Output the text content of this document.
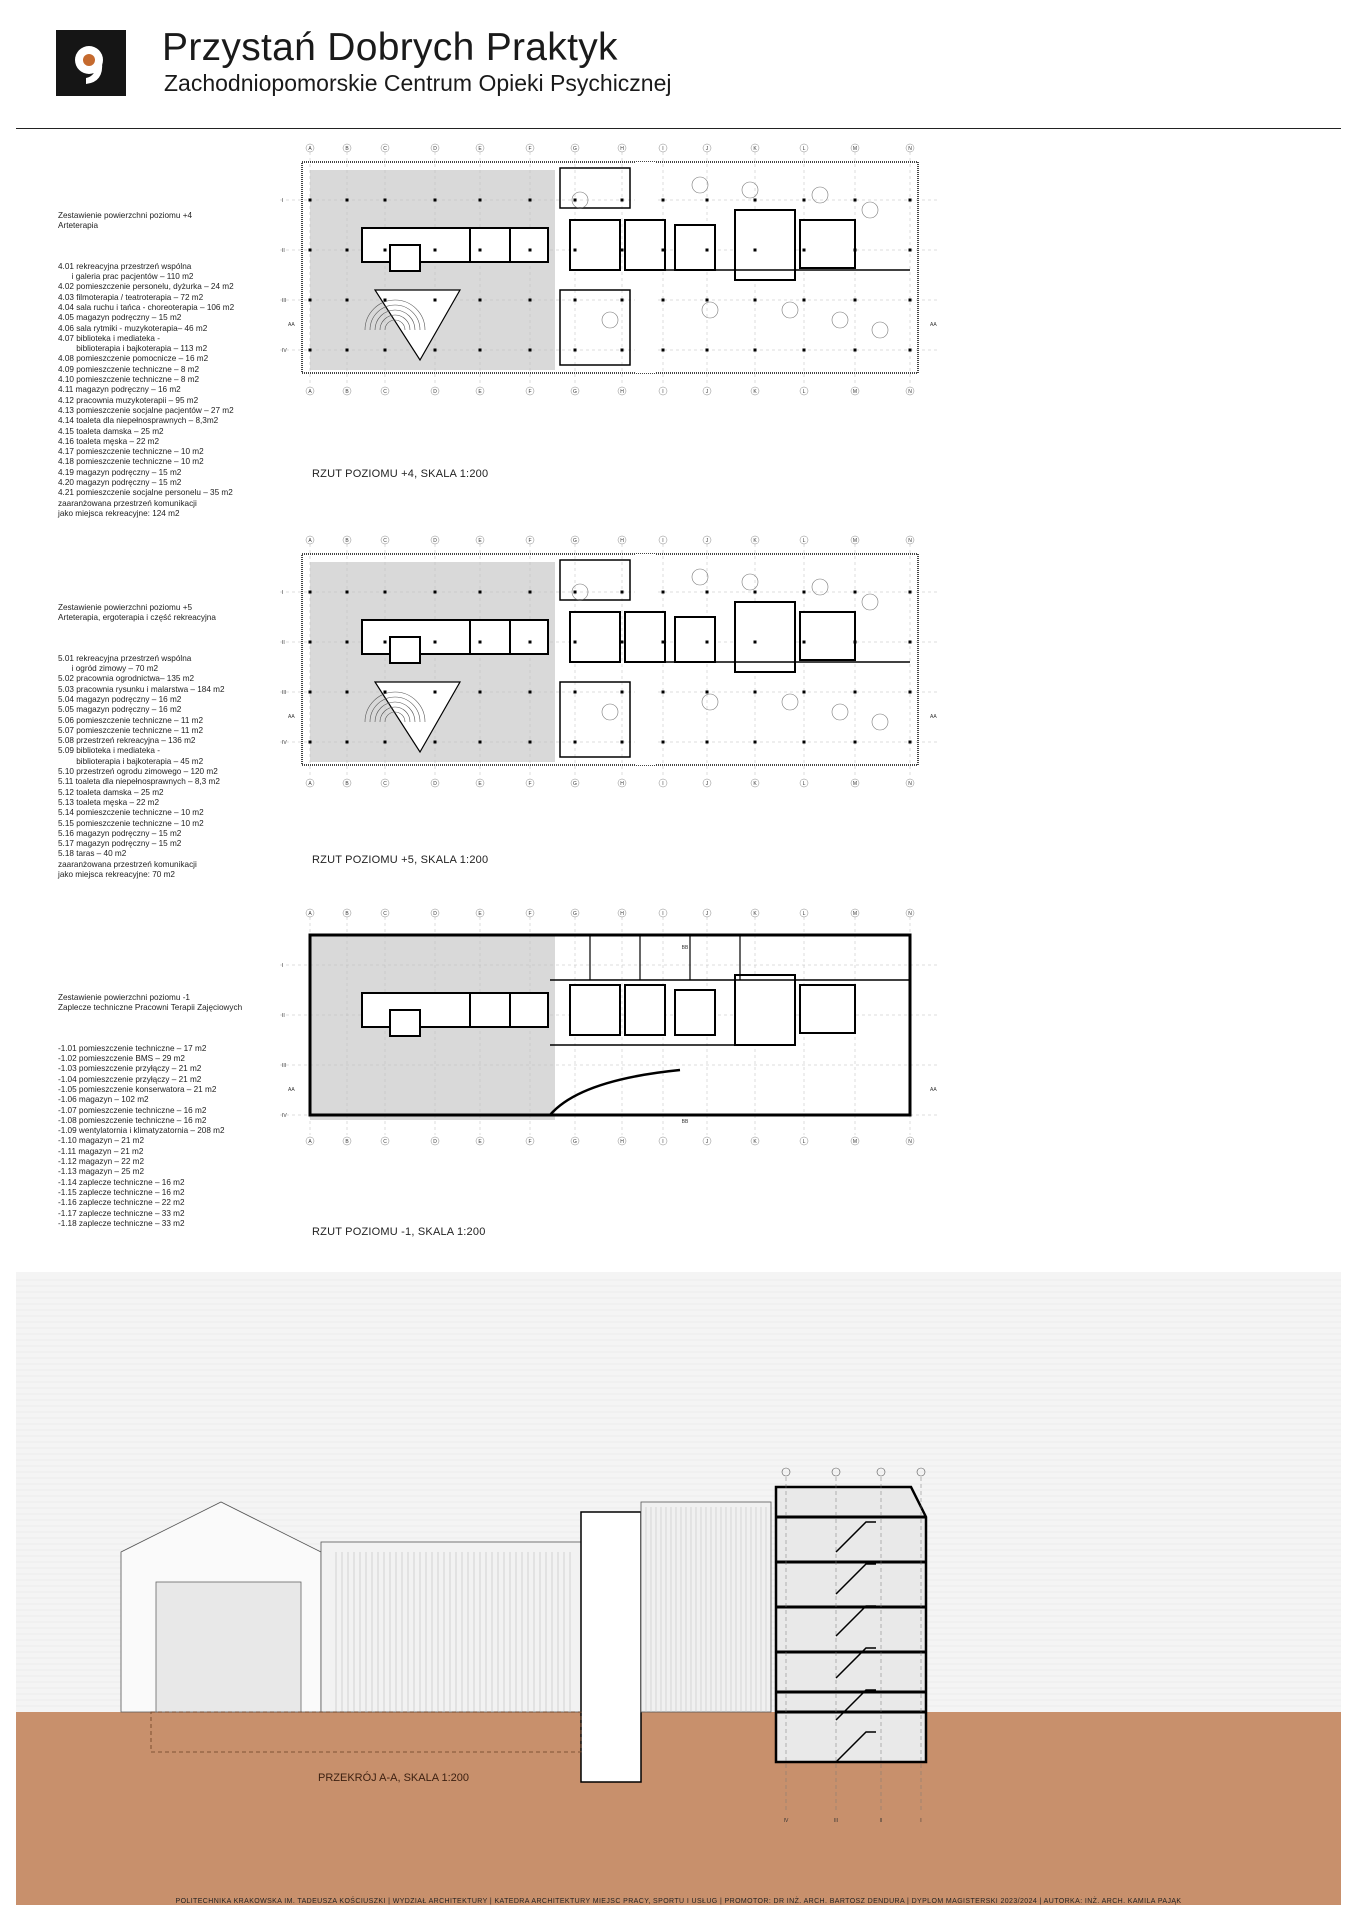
Przystań Dobrych Praktyk
Zachodniopomorskie Centrum Opieki Psychicznej

Zestawienie powierzchni poziomu +4
Arteterapia

4.01 rekreacyjna przestrzeń wspólna
i galeria prac pacjentów – 110 m2
4.02 pomieszczenie personelu, dyżurka – 24 m2
4.03 filmoterapia / teatroterapia – 72 m2
4.04 sala ruchu i tańca - choreoterapia – 106 m2
4.05 magazyn podręczny – 15 m2
4.06 sala rytmiki - muzykoterapia– 46 m2
4.07 biblioteka i mediateka -
biblioterapia i bajkoterapia – 113 m2
4.08 pomieszczenie pomocnicze – 16 m2
4.09 pomieszczenie techniczne – 8 m2
4.10 pomieszczenie techniczne – 8 m2
4.11 magazyn podręczny – 16 m2
4.12 pracownia muzykoterapii – 95 m2
4.13 pomieszczenie socjalne pacjentów – 27 m2
4.14 toaleta dla niepełnosprawnych – 8,3m2
4.15 toaleta damska – 25 m2
4.16 toaleta męska – 22 m2
4.17 pomieszczenie techniczne – 10 m2
4.18 pomieszczenie techniczne – 10 m2
4.19 magazyn podręczny – 15 m2
4.20 magazyn podręczny – 15 m2
4.21 pomieszczenie socjalne personelu – 35 m2
zaaranżowana przestrzeń komunikacji
jako miejsca rekreacyjne: 124 m2

A
A
B
B
C
C
D
D
E
E
F
F
G
G
H
H
I
I
J
J
K
K
L
L
M
M
N
N
I
II
III
IV
AA	AA
RZUT POZIOMU +4, SKALA 1:200

Zestawienie powierzchni poziomu +5
Arteterapia, ergoterapia i część rekreacyjna

5.01 rekreacyjna przestrzeń wspólna
i ogród zimowy – 70 m2
5.02 pracownia ogrodnictwa– 135 m2
5.03 pracownia rysunku i malarstwa – 184 m2
5.04 magazyn podręczny – 16 m2
5.05 magazyn podręczny – 16 m2
5.06 pomieszczenie techniczne – 11 m2
5.07 pomieszczenie techniczne – 11 m2
5.08 przestrzeń rekreacyjna – 136 m2
5.09 biblioteka i mediateka -
biblioterapia i bajkoterapia – 45 m2
5.10 przestrzeń ogrodu zimowego – 120 m2
5.11 toaleta dla niepełnosprawnych – 8,3 m2
5.12 toaleta damska – 25 m2
5.13 toaleta męska – 22 m2
5.14 pomieszczenie techniczne – 10 m2
5.15 pomieszczenie techniczne – 10 m2
5.16 magazyn podręczny – 15 m2
5.17 magazyn podręczny – 15 m2
5.18 taras – 40 m2
zaaranżowana przestrzeń komunikacji
jako miejsca rekreacyjne: 70 m2

A
A
B
B
C
C
D
D
E
E
F
F
G
G
H
H
I
I
J
J
K
K
L
L
M
M
N
N
I
II
III
IV
AA	AA
RZUT POZIOMU +5, SKALA 1:200

Zestawienie powierzchni poziomu -1
Zaplecze techniczne Pracowni Terapii Zajęciowych

-1.01 pomieszczenie techniczne – 17 m2
-1.02 pomieszczenie BMS – 29 m2
-1.03 pomieszczenie przyłączy – 21 m2
-1.04 pomieszczenie przyłączy – 21 m2
-1.05 pomieszczenie konserwatora – 21 m2
-1.06 magazyn – 102 m2
-1.07 pomieszczenie techniczne – 16 m2
-1.08 pomieszczenie techniczne – 16 m2
-1.09 wentylatornia i klimatyzatornia – 208 m2
-1.10 magazyn – 21 m2
-1.11 magazyn – 21 m2
-1.12 magazyn – 22 m2
-1.13 magazyn – 25 m2
-1.14 zaplecze techniczne – 16 m2
-1.15 zaplecze techniczne – 16 m2
-1.16 zaplecze techniczne – 22 m2
-1.17 zaplecze techniczne – 33 m2
-1.18 zaplecze techniczne – 33 m2

A
A
B
B
C
C
D
D
E
E
F
F
G
G
H
H
I
I
J
J
K
K
L
L
M
M
N
N
I
II
III
IV
AA	AA
BB
BB
RZUT POZIOMU -1, SKALA 1:200
IV	III	II	I
PRZEKRÓJ A-A, SKALA 1:200
POLITECHNIKA KRAKOWSKA IM. TADEUSZA KOŚCIUSZKI | WYDZIAŁ ARCHITEKTURY | KATEDRA ARCHITEKTURY MIEJSC PRACY, SPORTU I USŁUG | PROMOTOR: DR INŻ. ARCH. BARTOSZ DENDURA | DYPLOM MAGISTERSKI 2023/2024 | AUTORKA: INŻ. ARCH. KAMILA PAJĄK
